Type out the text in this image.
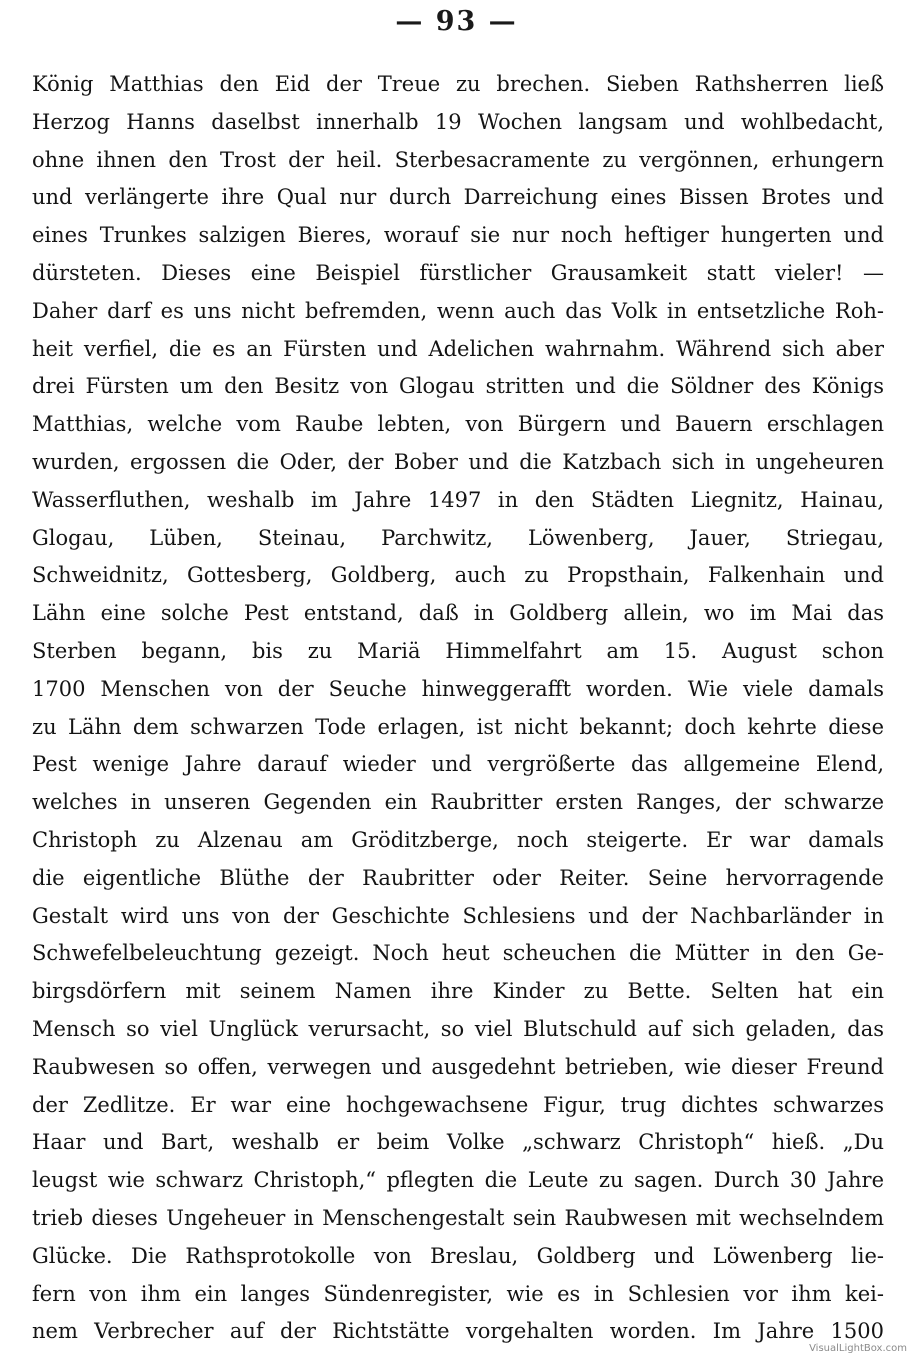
— 93 —
König Matthias den Eid der Treue zu brechen. Sieben Rathsherren ließ
Herzog Hanns daselbst innerhalb 19 Wochen langsam und wohlbedacht,
ohne ihnen den Trost der heil. Sterbesacramente zu vergönnen, erhungern
und verlängerte ihre Qual nur durch Darreichung eines Bissen Brotes und
eines Trunkes salzigen Bieres, worauf sie nur noch heftiger hungerten und
dürsteten. Dieses eine Beispiel fürstlicher Grausamkeit statt vieler! —
Daher darf es uns nicht befremden, wenn auch das Volk in entsetzliche Roh-
heit verfiel, die es an Fürsten und Adelichen wahrnahm. Während sich aber
drei Fürsten um den Besitz von Glogau stritten und die Söldner des Königs
Matthias, welche vom Raube lebten, von Bürgern und Bauern erschlagen
wurden, ergossen die Oder, der Bober und die Katzbach sich in ungeheuren
Wasserfluthen, weshalb im Jahre 1497 in den Städten Liegnitz, Hainau,
Glogau, Lüben, Steinau, Parchwitz, Löwenberg, Jauer, Striegau,
Schweidnitz, Gottesberg, Goldberg, auch zu Propsthain, Falkenhain und
Lähn eine solche Pest entstand, daß in Goldberg allein, wo im Mai das
Sterben begann, bis zu Mariä Himmelfahrt am 15. August schon
1700 Menschen von der Seuche hinweggerafft worden. Wie viele damals
zu Lähn dem schwarzen Tode erlagen, ist nicht bekannt; doch kehrte diese
Pest wenige Jahre darauf wieder und vergrößerte das allgemeine Elend,
welches in unseren Gegenden ein Raubritter ersten Ranges, der schwarze
Christoph zu Alzenau am Gröditzberge, noch steigerte. Er war damals
die eigentliche Blüthe der Raubritter oder Reiter. Seine hervorragende
Gestalt wird uns von der Geschichte Schlesiens und der Nachbarländer in
Schwefelbeleuchtung gezeigt. Noch heut scheuchen die Mütter in den Ge-
birgsdörfern mit seinem Namen ihre Kinder zu Bette. Selten hat ein
Mensch so viel Unglück verursacht, so viel Blutschuld auf sich geladen, das
Raubwesen so offen, verwegen und ausgedehnt betrieben, wie dieser Freund
der Zedlitze. Er war eine hochgewachsene Figur, trug dichtes schwarzes
Haar und Bart, weshalb er beim Volke „schwarz Christoph“ hieß. „Du
leugst wie schwarz Christoph,“ pflegten die Leute zu sagen. Durch 30 Jahre
trieb dieses Ungeheuer in Menschengestalt sein Raubwesen mit wechselndem
Glücke. Die Rathsprotokolle von Breslau, Goldberg und Löwenberg lie-
fern von ihm ein langes Sündenregister, wie es in Schlesien vor ihm kei-
nem Verbrecher auf der Richtstätte vorgehalten worden. Im Jahre 1500
VisualLightBox.com
